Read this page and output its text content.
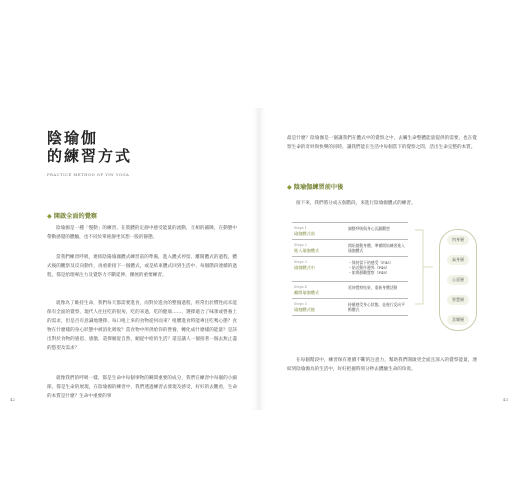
陰瑜伽
的練習方式
PRACTICE METHOD OF YIN YOGA
◆ 開啟全面的覺察
陰瑜伽是一種「慢動」的練習，在肢體的定靜中感受能量的流動，互相的鋪陳，在動態中帶動感覺的體驗，也不同於單純靜坐冥想一般的靜態。
當我們練習呼吸，連結陰陽瑜珈體式練習前的準備，進入體式停留、離開體式的過程，體式後的觀察及反向動作，再重新接下一個體式，或是結束體式回到生活中，每個階段連續的過程，都是給理專注力及覺察力不斷延伸、擴展的重要練習。
就像為了維持生命，我們每天都需要進食，而對於進食的整個過程，經常出於慣性而未能保有全面的覺察，現代人往往吃的很匆，吃的來過，吃的健康……，選擇適合了味蕾或營養上的需求，但是否有意識地選擇、每口咀上來的食物從何而來？咀嚼進食時能專注吃嗎心態？食物在什麼樣的身心狀態中被消化吸收？當食物中所供給你的營養，轉化成什麼樣的能量？是該出對於食物的感恩、感激，還擇順從自然，順從中給的生活？還是讓人一個接著一個去無止盡的慾望及需求？
就像我們的呼吸一樣，都是生命中每個事物的瞬間重要的成分，我們在練習中每個的小細節，都是生命的展現，在陰瑜伽的練習中，我們透過練習去發現及感受，好好的去觀看，生命的本質是什麼？生命中重要的事
42
最是什麼？陰瑜伽是一個讓我們在體式中的覺察之中，去觸生命整體能量提供的需要，也在覺察生命的奇妙與快樂的同時，讓我們能在生活中每個當下的覺察之間，活出生命完整的本質。
◆ 陰瑜伽練習前中後
接下來，我們將分成五個階段，來進行陰瑜伽體式的練習。
Steps 1
瑜伽體式前
調整呼吸與身心沉澱觀想
Steps 2
進入瑜伽體式
開始啟動身體，準備開始練習進入瑜伽體式
Steps 3
瑜伽體式中
・保持當下的感受（P45）
・貼近動作邊界（P46）
・如實靜觀覺察（P48）
Steps 4
離開瑜伽體式
延伸覺察結果，重新身體活動
Steps 5
瑜伽體式後
持續感受身心狀態，並進行反向平衡體式
肉身層
氣身層
心意層
智慧層
喜樂層
在每個階段中，練習保有連續不斷的注意力，幫助我們開啟更全面且深入的覺察能量，連結到陰瑜伽為的生活中，好好把握時刻分秒去體驗生命的珍貴。
43
